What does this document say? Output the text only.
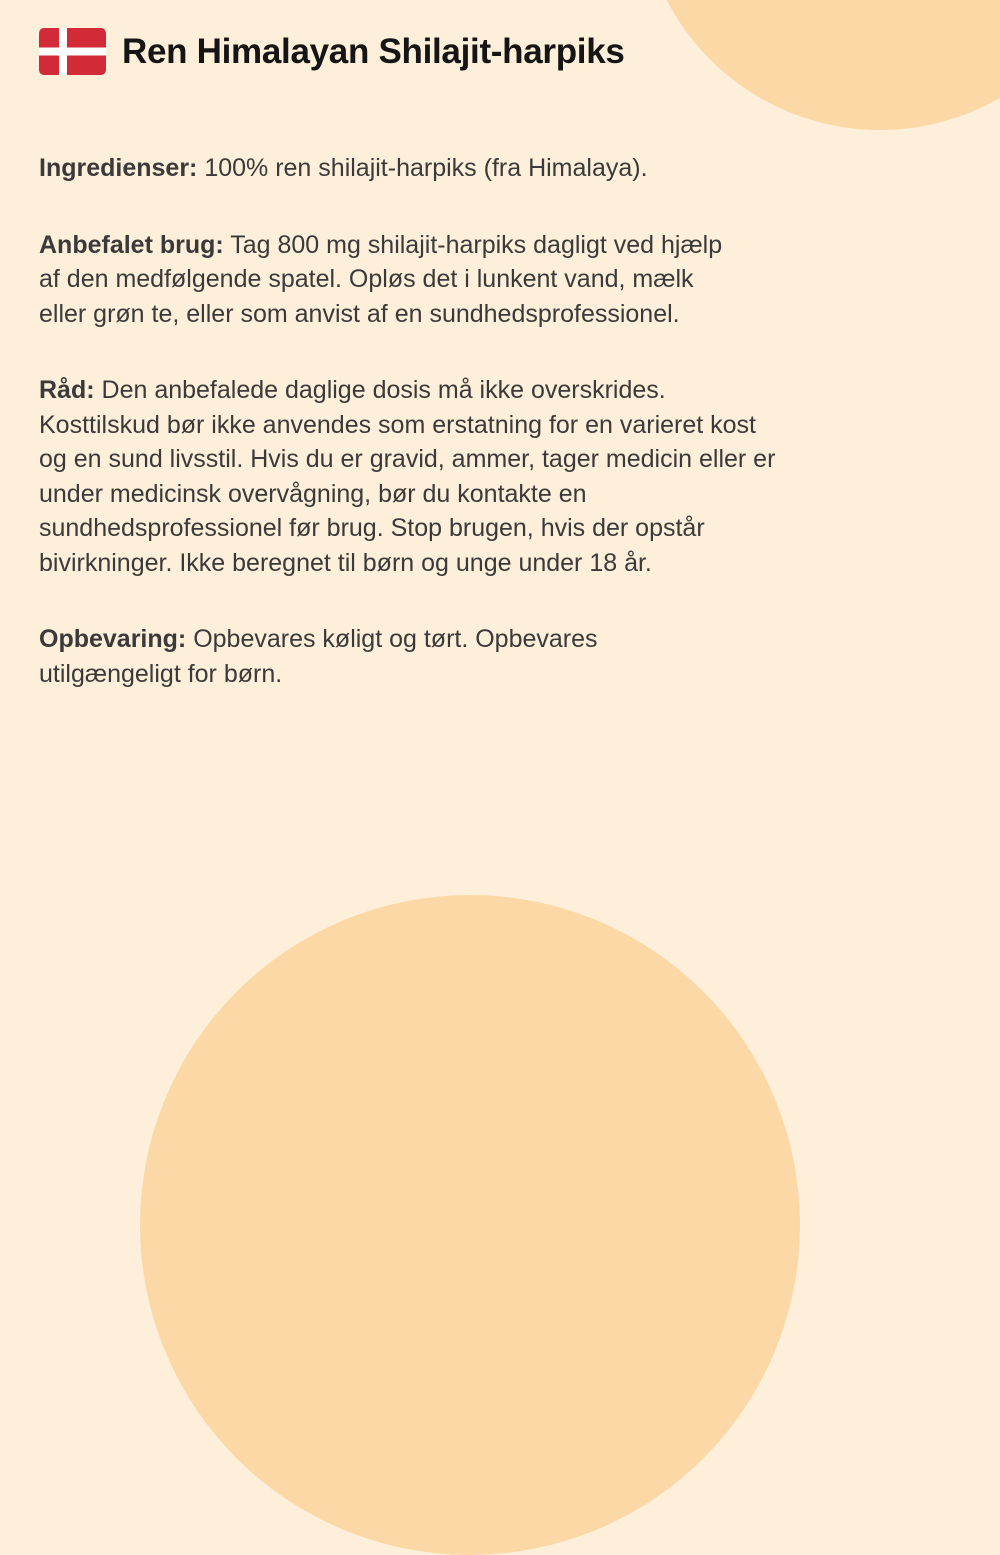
Ren Himalayan Shilajit-harpiks

Ingredienser: 100% ren shilajit-harpiks (fra Himalaya).

Anbefalet brug: Tag 800 mg shilajit-harpiks dagligt ved hjælp
af den medfølgende spatel. Opløs det i lunkent vand, mælk
eller grøn te, eller som anvist af en sundhedsprofessionel.

Råd: Den anbefalede daglige dosis må ikke overskrides.
Kosttilskud bør ikke anvendes som erstatning for en varieret kost
og en sund livsstil. Hvis du er gravid, ammer, tager medicin eller er
under medicinsk overvågning, bør du kontakte en
sundhedsprofessionel før brug. Stop brugen, hvis der opstår
bivirkninger. Ikke beregnet til børn og unge under 18 år.

Opbevaring: Opbevares køligt og tørt. Opbevares
utilgængeligt for børn.
